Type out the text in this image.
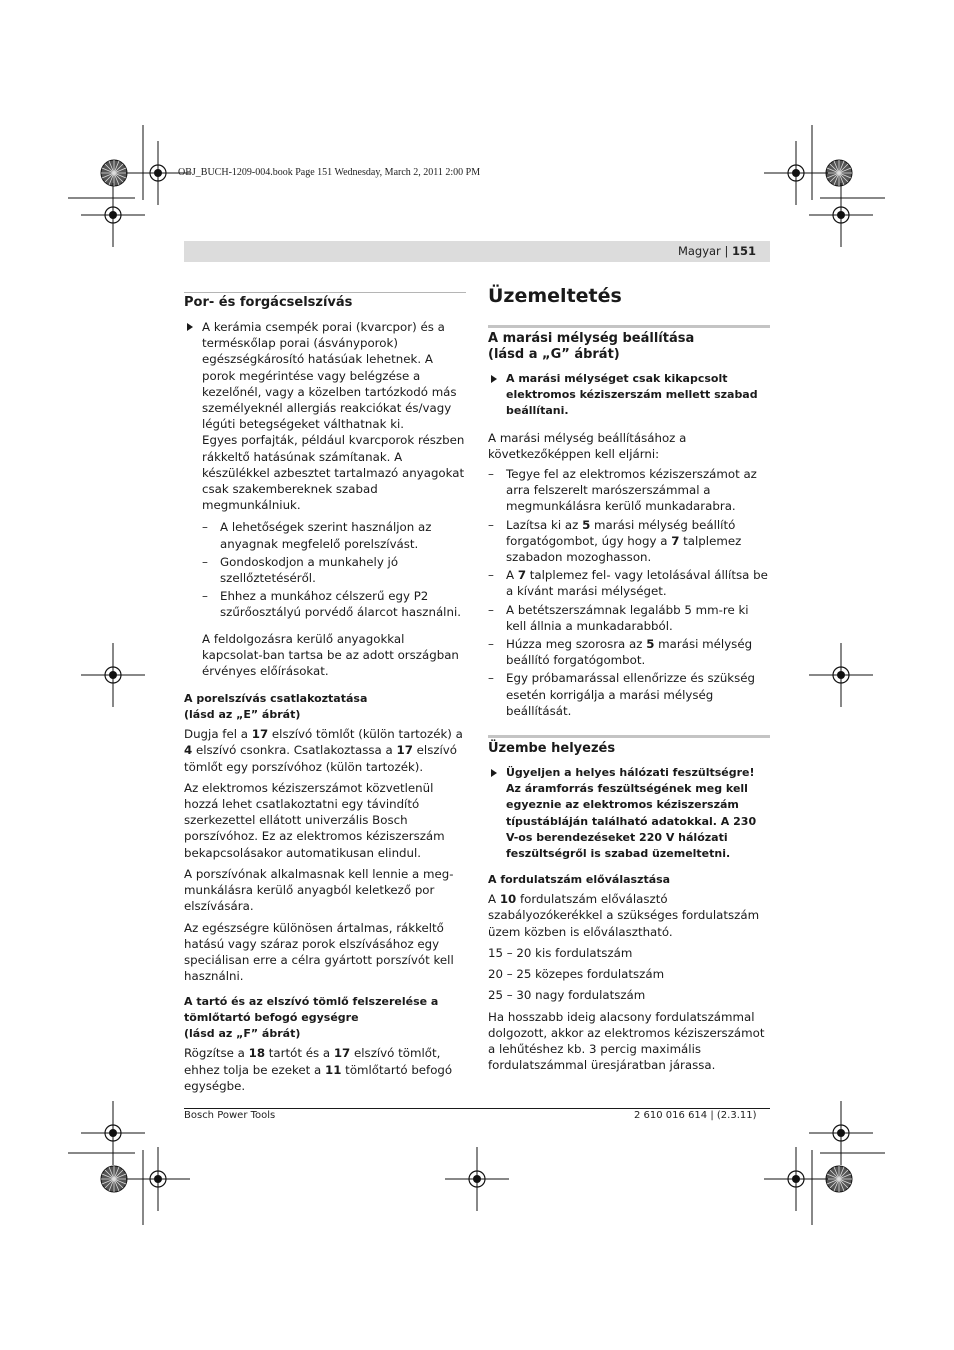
OBJ_BUCH-1209-004.book Page 151 Wednesday, March 2, 2011 2:00 PM
Magyar | 151
Por- és forgácselszívás
A kerámia csempék porai (kvarcpor) és a termésкőlap porai (ásványporok) egészségkárosító hatásúak lehetnek. A porok megérintése vagy belégzése a kezelőnél, vagy a közelben tartózkodó más személyeknél allergiás reakciókat és/vagy légúti betegségeket válthatnak ki.
Egyes porfajták, például kvarcporok részben rákkeltő hatásúnak számítanak. A készülékkel azbesztet tartalmazó anyagokat csak szakembereknek szabad megmunkálniuk.
– A lehetőségek szerint használjon az anyagnak megfelelő porelszívást.
– Gondoskodjon a munkahely jó szellőztetéséről.
– Ehhez a munkához célszerű egy P2 szűrőosztályú porvédő álarcot használni.
A feldolgozásra kerülő anyagokkal kapcsolat-ban tartsa be az adott országban érvényes előírásokat.
A porelszívás csatlakoztatása
(lásd az „E” ábrát)

Dugja fel a 17 elszívó tömlőt (külön tartozék) a 4 elszívó csonkra. Csatlakoztassa a 17 elszívó tömlőt egy porszívóhoz (külön tartozék).

Az elektromos kéziszerszámot közvetlenül hozzá lehet csatlakoztatni egy távindító szerkezettel ellátott univerzális Bosch porszívóhoz. Ez az elektromos kéziszerszám bekapcsolásakor automatikusan elindul.

A porszívónak alkalmasnak kell lennie a meg-munkálásra kerülő anyagból keletkező por elszívására.

Az egészségre különösen ártalmas, rákkeltő hatású vagy száraz porok elszívásához egy speciálisan erre a célra gyártott porszívót kell használni.

A tartó és az elszívó tömlő felszerelése a
tömlőtartó befogó egységre
(lásd az „F” ábrát)

Rögzítse a 18 tartót és a 17 elszívó tömlőt, ehhez tolja be ezeket a 11 tömlőtartó befogó egységbe.

Üzemeltetés
A marási mélység beállítása
(lásd a „G” ábrát)
A marási mélységet csak kikapcsolt elektromos kéziszerszám mellett szabad beállítani.

A marási mélység beállításához a következőképpen kell eljárni:

– Tegye fel az elektromos kéziszerszámot az arra felszerelt marószerszámmal a megmunkálásra kerülő munkadarabra.
– Lazítsa ki az 5 marási mélység beállító forgatógombot, úgy hogy a 7 talplemez szabadon mozoghasson.
– A 7 talplemez fel- vagy letolásával állítsa be a kívánt marási mélységet.
– A betétszerszámnak legalább 5 mm-re ki kell állnia a munkadarabból.
– Húzza meg szorosra az 5 marási mélység beállító forgatógombot.
– Egy próbamarással ellenőrizze és szükség esetén korrigálja a marási mélység beállítását.
Üzembe helyezés
Ügyeljen a helyes hálózati feszültségre! Az áramforrás feszültségének meg kell egyeznie az elektromos kéziszerszám típustábláján található adatokkal. A 230 V-os berendezéseket 220 V hálózati feszültségről is szabad üzemeltetni.
A fordulatszám előválasztása

A 10 fordulatszám előválasztó szabályozókerékkel a szükséges fordulatszám üzem közben is előválasztható.

15 – 20 kis fordulatszám

20 – 25 közepes fordulatszám

25 – 30 nagy fordulatszám

Ha hosszabb ideig alacsony fordulatszámmal dolgozott, akkor az elektromos kéziszerszámot a lehűtéshez kb. 3 percig maximális fordulatszámmal üresjáratban járassa.

Bosch Power Tools	2 610 016 614 | (2.3.11)
